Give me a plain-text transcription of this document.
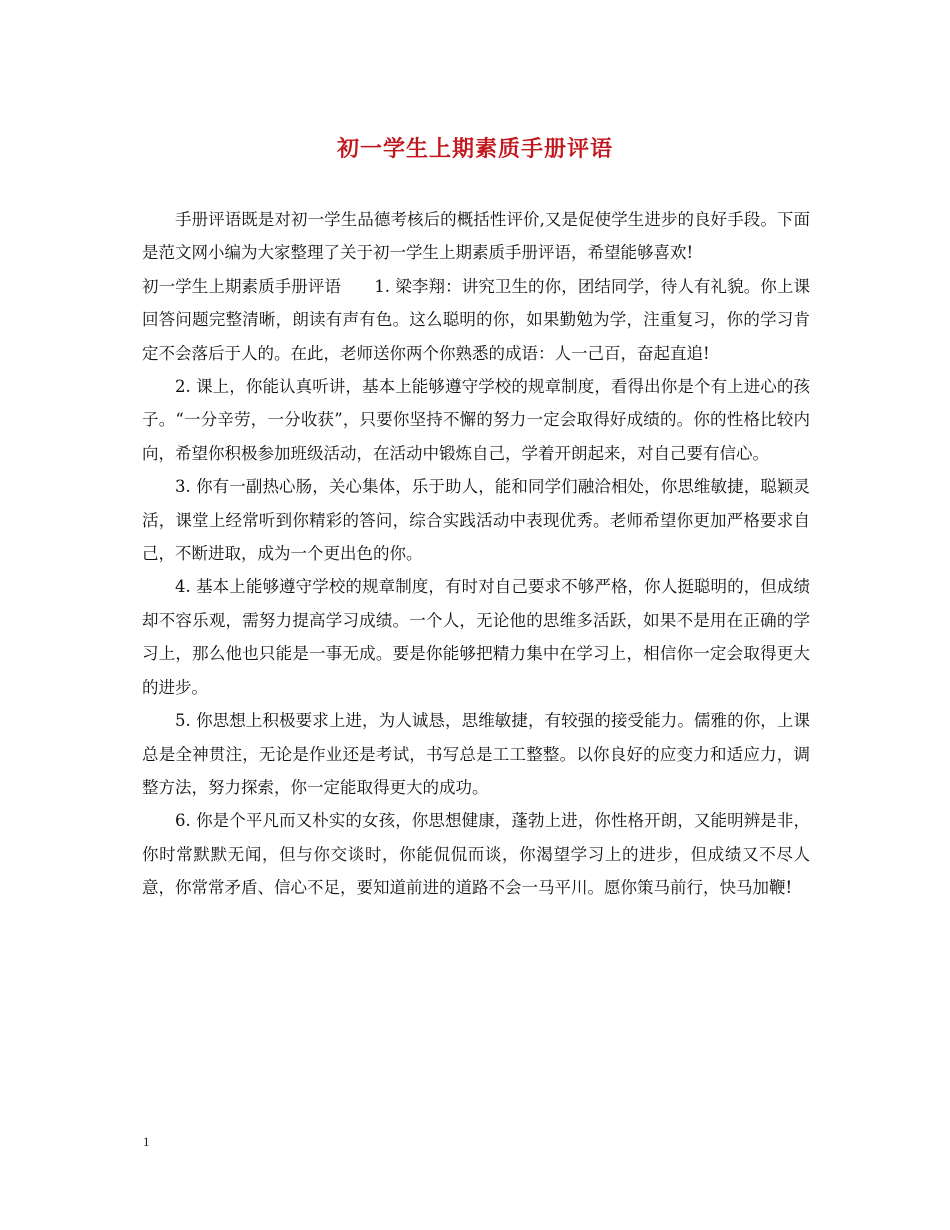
初一学生上期素质手册评语

手册评语既是对初一学生品德考核后的概括性评价,又是促使学生进步的良好手段。下面是范文网小编为大家整理了关于初一学生上期素质手册评语，希望能够喜欢!

初一学生上期素质手册评语　　1. 梁李翔：讲究卫生的你，团结同学，待人有礼貌。你上课回答问题完整清晰，朗读有声有色。这么聪明的你，如果勤勉为学，注重复习，你的学习肯定不会落后于人的。在此，老师送你两个你熟悉的成语：人一己百，奋起直追!

2. 课上，你能认真听讲，基本上能够遵守学校的规章制度，看得出你是个有上进心的孩子。“一分辛劳，一分收获”，只要你坚持不懈的努力一定会取得好成绩的。你的性格比较内向，希望你积极参加班级活动，在活动中锻炼自己，学着开朗起来，对自己要有信心。

3. 你有一副热心肠，关心集体，乐于助人，能和同学们融洽相处，你思维敏捷，聪颖灵活，课堂上经常听到你精彩的答问，综合实践活动中表现优秀。老师希望你更加严格要求自己，不断进取，成为一个更出色的你。

4. 基本上能够遵守学校的规章制度，有时对自己要求不够严格，你人挺聪明的，但成绩却不容乐观，需努力提高学习成绩。一个人，无论他的思维多活跃，如果不是用在正确的学习上，那么他也只能是一事无成。要是你能够把精力集中在学习上，相信你一定会取得更大的进步。

5. 你思想上积极要求上进，为人诚恳，思维敏捷，有较强的接受能力。儒雅的你，上课总是全神贯注，无论是作业还是考试，书写总是工工整整。以你良好的应变力和适应力，调整方法，努力探索，你一定能取得更大的成功。

6. 你是个平凡而又朴实的女孩，你思想健康，蓬勃上进，你性格开朗，又能明辨是非，你时常默默无闻，但与你交谈时，你能侃侃而谈，你渴望学习上的进步，但成绩又不尽人意，你常常矛盾、信心不足，要知道前进的道路不会一马平川。愿你策马前行，快马加鞭!

1
